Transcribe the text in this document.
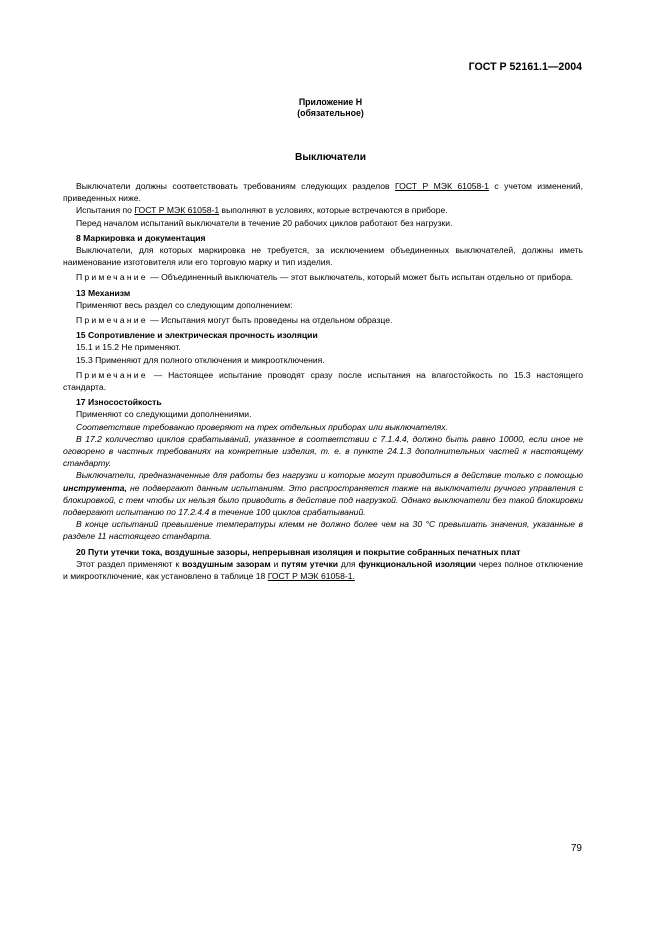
ГОСТ Р 52161.1—2004
Приложение Н
(обязательное)
Выключатели

Выключатели должны соответствовать требованиям следующих разделов ГОСТ Р МЭК 61058-1 с учетом изменений, приведенных ниже.

Испытания по ГОСТ Р МЭК 61058-1 выполняют в условиях, которые встречаются в приборе.

Перед началом испытаний выключатели в течение 20 рабочих циклов работают без нагрузки.

8 Маркировка и документация

Выключатели, для которых маркировка не требуется, за исключением объединенных выключателей, должны иметь наименование изготовителя или его торговую марку и тип изделия.

Примечание — Объединенный выключатель — этот выключатель, который может быть испытан отдельно от прибора.

13 Механизм

Применяют весь раздел со следующим дополнением:

Примечание — Испытания могут быть проведены на отдельном образце.

15 Сопротивление и электрическая прочность изоляции

15.1 и 15.2 Не применяют.

15.3 Применяют для полного отключения и микроотключения.

Примечание — Настоящее испытание проводят сразу после испытания на влагостойкость по 15.3 настоящего стандарта.

17 Износостойкость

Применяют со следующими дополнениями.

Соответствие требованию проверяют на трех отдельных приборах или выключателях.

В 17.2 количество циклов срабатываний, указанное в соответствии с 7.1.4.4, должно быть равно 10000, если иное не оговорено в частных требованиях на конкретные изделия, т. е. в пункте 24.1.3 дополнительных частей к настоящему стандарту.

Выключатели, предназначенные для работы без нагрузки и которые могут приводиться в действие только с помощью инструмента, не подвергают данным испытаниям. Это распространяется также на выключатели ручного управления с блокировкой, с тем чтобы их нельзя было приводить в действие под нагрузкой. Однако выключатели без такой блокировки подвергают испытанию по 17.2.4.4 в течение 100 циклов срабатываний.

В конце испытаний превышение температуры клемм не должно более чем на 30 °С превышать значения, указанные в разделе 11 настоящего стандарта.

20 Пути утечки тока, воздушные зазоры, непрерывная изоляция и покрытие собранных печатных плат

Этот раздел применяют к воздушным зазорам и путям утечки для функциональной изоляции через полное отключение и микроотключение, как установлено в таблице 18 ГОСТ Р МЭК 61058-1.

79
